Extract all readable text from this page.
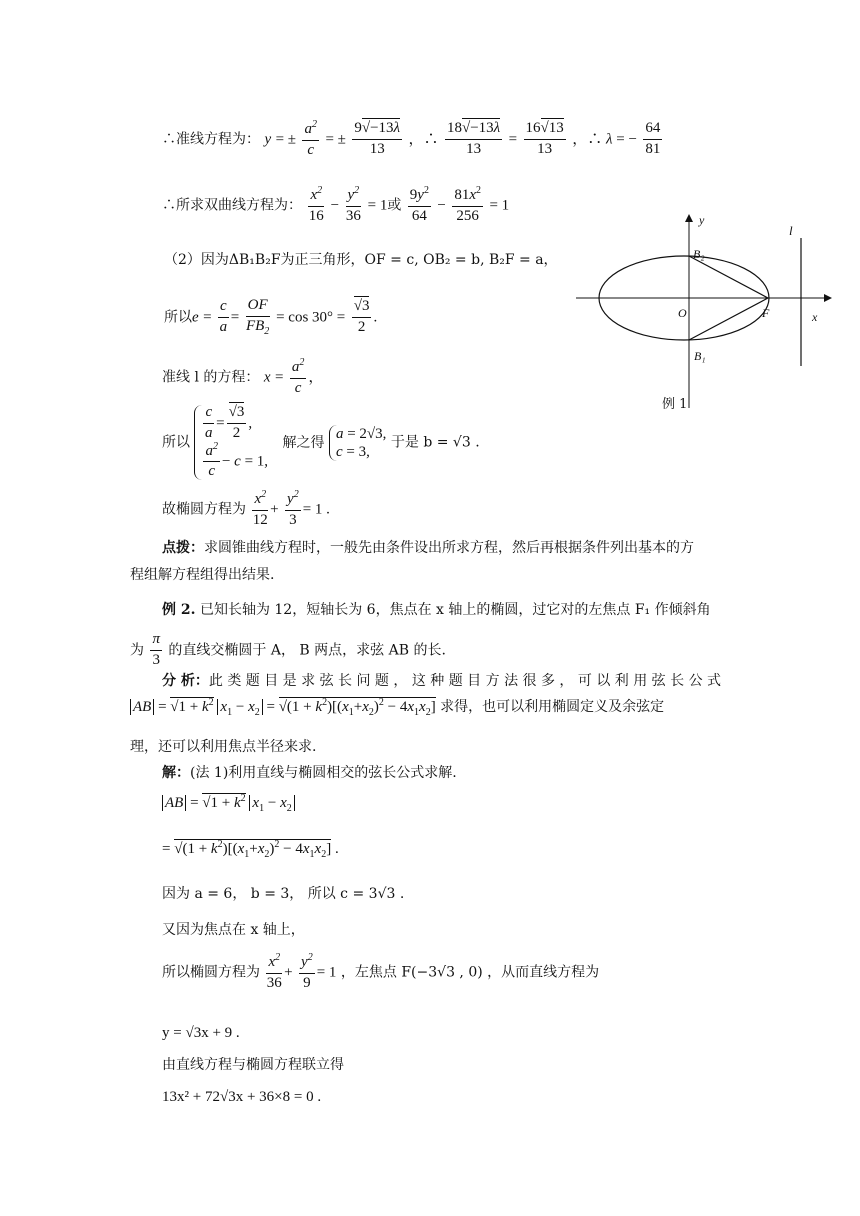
∴准线方程为： y = ± $\frac{a^2}{c}$ = ± $\frac{9√-13\lambda}{13}$ ，∴ $\frac{18√-13\lambda}{13} = \frac{16√13}{13}$ ，∴ λ = − $\frac{64}{81}$
∴所求双曲线方程为： $\frac{x^2}{16} - \frac{y^2}{36} = 1$或 $\frac{9y^2}{64} - \frac{81x^2}{256} = 1$
（2）因为ΔB₁B₂F为正三角形，OF = c, OB₂ = b, B₂F = a，
所以$e = \frac{c}{a} = \frac{OF}{FB_2} = \cos 30^\circ = \frac{√3}{2}$ .
准线 l 的方程： $x = \frac{a^2}{c}$ ，
所以
$\frac{c}{a} = \frac{√3}{2}$ ,
$\frac{a^2}{c} - c = 1$,
解之得
a = 2√3,
c = 3,
于是 b = √3 .
故椭圆方程为 $\frac{x^2}{12} + \frac{y^2}{3} = 1$ .
点拨：求圆锥曲线方程时，一般先由条件设出所求方程，然后再根据条件列出基本的方
程组解方程组得出结果.
例 2. 已知长轴为 12，短轴长为 6，焦点在 x 轴上的椭圆，过它对的左焦点 F₁ 作倾斜角
为 $\frac{\pi}{3}$ 的直线交椭圆于 A， B 两点，求弦 AB 的长.
分 析：此 类 题 目 是 求 弦 长 问 题 ， 这 种 题 目 方 法 很 多 ， 可 以 利 用 弦 长 公 式
AB = $√1 + k^2$ $x_1 - x_2 = √(1 + k^2)[(x_1+x_2)^2 - 4x_1x_2]$ 求得，也可以利用椭圆定义及余弦定
理，还可以利用焦点半径来求.
解：(法 1)利用直线与椭圆相交的弦长公式求解.
AB = $√1 + k^2$ $x_1 - x_2$
= $√(1 + k^2)[(x_1+x_2)^2 - 4x_1x_2]$ .
因为 a = 6， b = 3， 所以 c = 3√3 .
又因为焦点在 x 轴上，
所以椭圆方程为 $\frac{x^2}{36} + \frac{y^2}{9} = 1$ ，左焦点 F(−3√3 , 0) ，从而直线方程为
y = √3x + 9 .
由直线方程与椭圆方程联立得
13x² + 72√3x + 36×8 = 0 .
y
l
B₂
O	F	x
B₁
例 1
